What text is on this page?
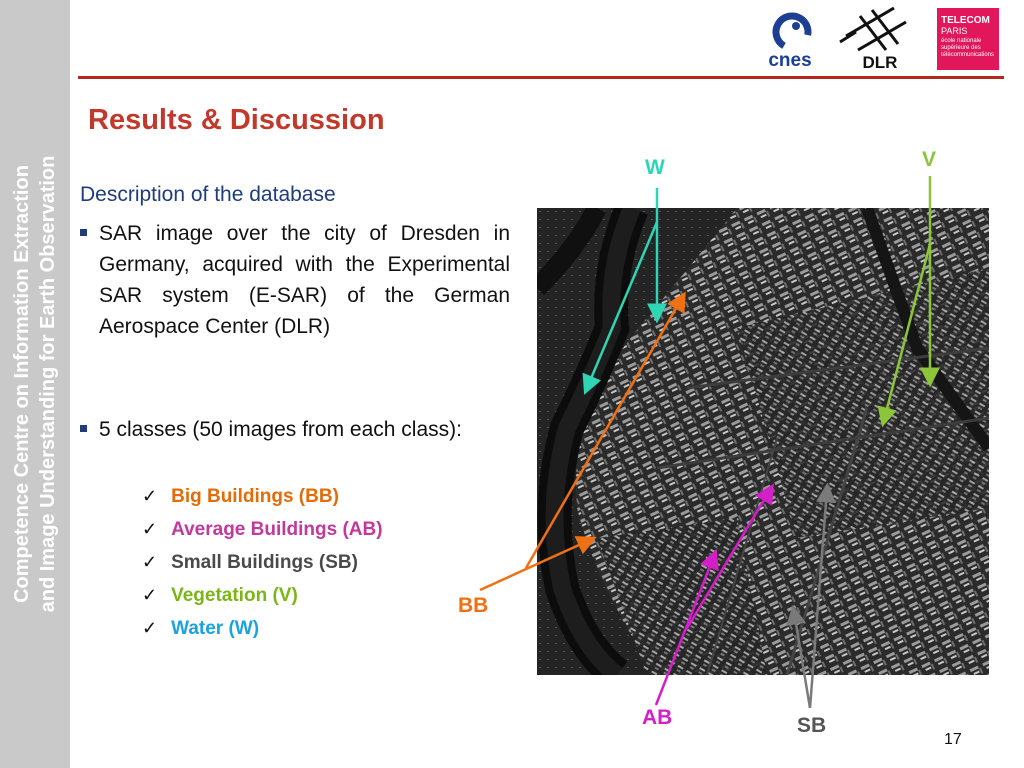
Competence Centre on Information Extraction and Image Understanding for Earth Observation
cnes	DLR
TELECOM
PARIS
école nationale
supérieure des
télécommunications
Results & Discussion
Description of the database
SAR image over the city of Dresden in Germany, acquired with the Experimental SAR system (E-SAR) of the German Aerospace Center (DLR)
5 classes (50 images from each class):
✓ Big Buildings (BB)
✓ Average Buildings (AB)
✓ Small Buildings (SB)
✓ Vegetation (V)
✓ Water (W)
W	V
BB
AB	SB
17
